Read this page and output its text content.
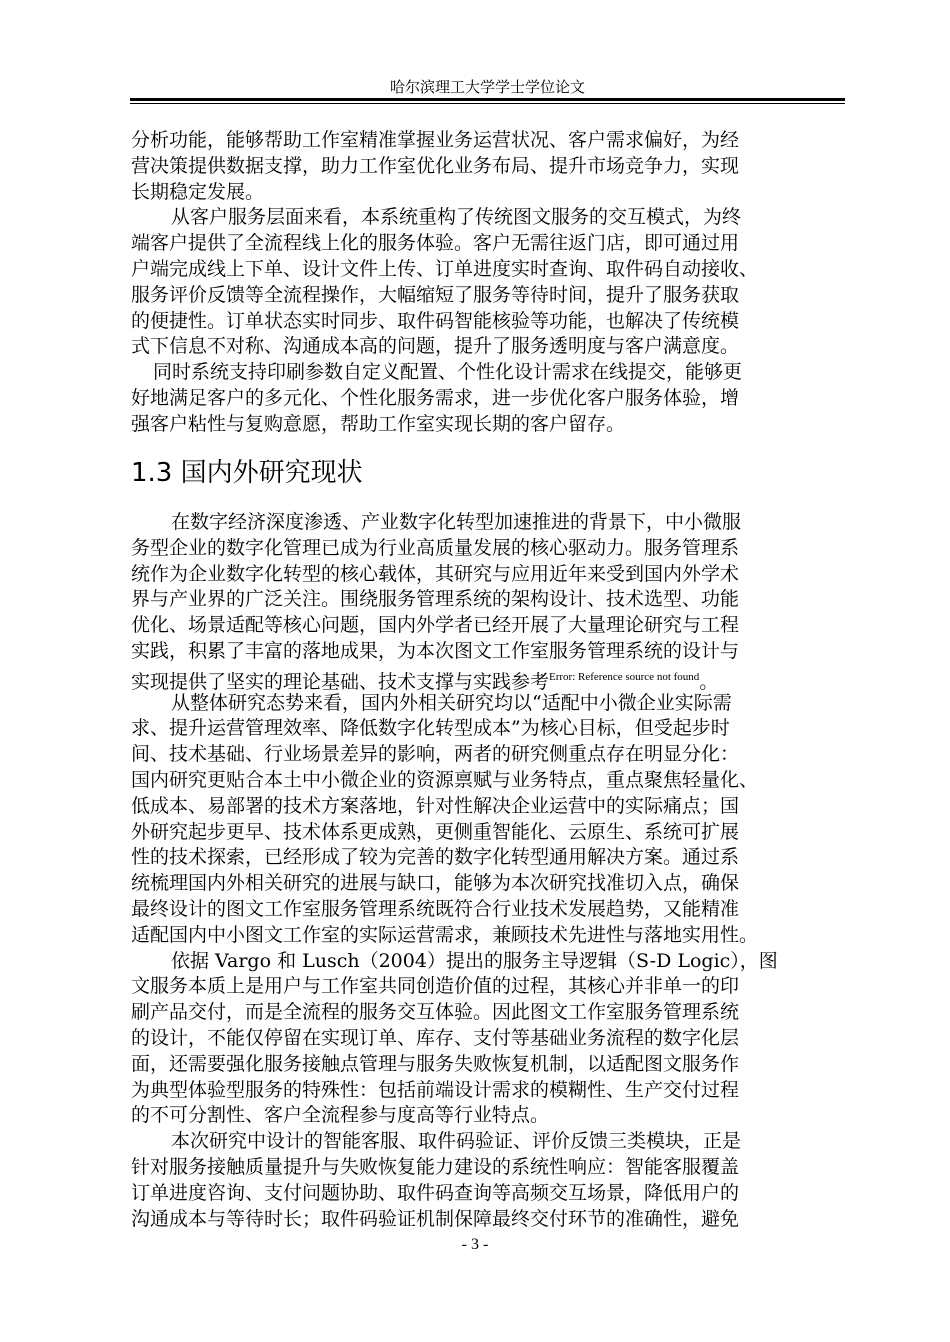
哈尔滨理工大学学士学位论文
分析功能，能够帮助工作室精准掌握业务运营状况、客户需求偏好，为经
营决策提供数据支撑，助力工作室优化业务布局、提升市场竞争力，实现
长期稳定发展。
从客户服务层面来看，本系统重构了传统图文服务的交互模式，为终
端客户提供了全流程线上化的服务体验。客户无需往返门店，即可通过用
户端完成线上下单、设计文件上传、订单进度实时查询、取件码自动接收、
服务评价反馈等全流程操作，大幅缩短了服务等待时间，提升了服务获取
的便捷性。订单状态实时同步、取件码智能核验等功能，也解决了传统模
式下信息不对称、沟通成本高的问题，提升了服务透明度与客户满意度。
同时系统支持印刷参数自定义配置、个性化设计需求在线提交，能够更
好地满足客户的多元化、个性化服务需求，进一步优化客户服务体验，增
强客户粘性与复购意愿，帮助工作室实现长期的客户留存。
1.3 国内外研究现状
在数字经济深度渗透、产业数字化转型加速推进的背景下，中小微服
务型企业的数字化管理已成为行业高质量发展的核心驱动力。服务管理系
统作为企业数字化转型的核心载体，其研究与应用近年来受到国内外学术
界与产业界的广泛关注。围绕服务管理系统的架构设计、技术选型、功能
优化、场景适配等核心问题，国内外学者已经开展了大量理论研究与工程
实践，积累了丰富的落地成果，为本次图文工作室服务管理系统的设计与
实现提供了坚实的理论基础、技术支撑与实践参考$^{Error: Reference source not found}$。
从整体研究态势来看，国内外相关研究均以“适配中小微企业实际需
求、提升运营管理效率、降低数字化转型成本”为核心目标，但受起步时
间、技术基础、行业场景差异的影响，两者的研究侧重点存在明显分化：
国内研究更贴合本土中小微企业的资源禀赋与业务特点，重点聚焦轻量化、
低成本、易部署的技术方案落地，针对性解决企业运营中的实际痛点；国
外研究起步更早、技术体系更成熟，更侧重智能化、云原生、系统可扩展
性的技术探索，已经形成了较为完善的数字化转型通用解决方案。通过系
统梳理国内外相关研究的进展与缺口，能够为本次研究找准切入点，确保
最终设计的图文工作室服务管理系统既符合行业技术发展趋势，又能精准
适配国内中小图文工作室的实际运营需求，兼顾技术先进性与落地实用性。
依据 Vargo 和 Lusch（2004）提出的服务主导逻辑（S-D Logic），图
文服务本质上是用户与工作室共同创造价值的过程，其核心并非单一的印
刷产品交付，而是全流程的服务交互体验。因此图文工作室服务管理系统
的设计，不能仅停留在实现订单、库存、支付等基础业务流程的数字化层
面，还需要强化服务接触点管理与服务失败恢复机制，以适配图文服务作
为典型体验型服务的特殊性：包括前端设计需求的模糊性、生产交付过程
的不可分割性、客户全流程参与度高等行业特点。
本次研究中设计的智能客服、取件码验证、评价反馈三类模块，正是
针对服务接触质量提升与失败恢复能力建设的系统性响应：智能客服覆盖
订单进度咨询、支付问题协助、取件码查询等高频交互场景，降低用户的
沟通成本与等待时长；取件码验证机制保障最终交付环节的准确性，避免
- 3 -
